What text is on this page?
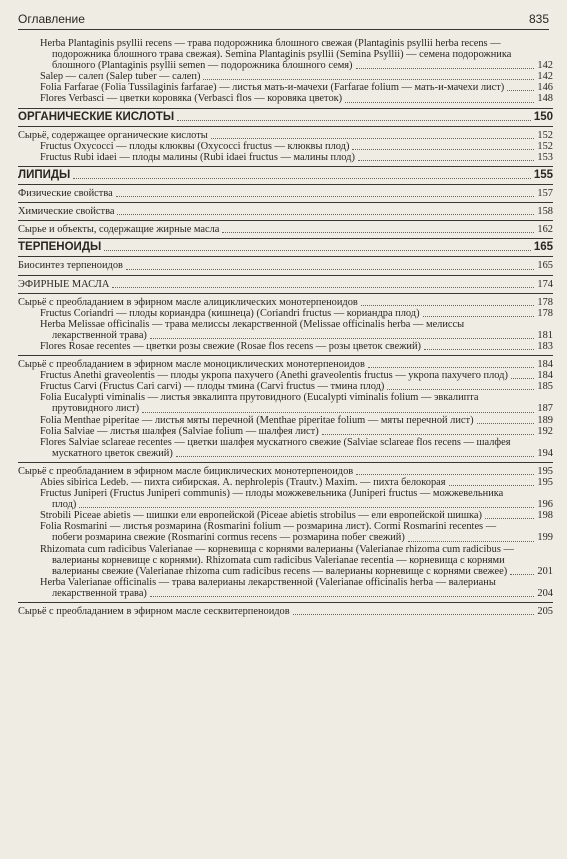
Оглавление	835
Herba Plantaginis psyllii recens — трава подорожника блошного свежая (Plantaginis psyllii herba recens — подорожника блошного трава свежая). Semina Plantaginis psyllii (Semina Psyllii) — семена подорожника блошного (Plantaginis psyllii semen — подорожника блошного семя)	142
Salep — салеп (Salep tuber — салеп)	142
Folia Farfarae (Folia Tussilaginis farfarae) — листья мать-и-мачехи (Farfarae folium — мать-и-мачехи лист)	146
Flores Verbasci — цветки коровяка (Verbasci flos — коровяка цветок)	148
ОРГАНИЧЕСКИЕ КИСЛОТЫ	150
Сырьё, содержащее органические кислоты	152
Fructus Oxycocci — плоды клюквы (Oxycocci fructus — клюквы плод)	152
Fructus Rubi idaei — плоды малины (Rubi idaei fructus — малины плод)	153
ЛИПИДЫ	155
Физические свойства	157
Химические свойства	158
Сырье и объекты, содержащие жирные масла	162
ТЕРПЕНОИДЫ	165
Биосинтез терпеноидов	165
ЭФИРНЫЕ МАСЛА	174
Сырьё с преобладанием в эфирном масле алициклических монотерпеноидов	178
Fructus Coriandri — плоды кориандра (кишнеца) (Coriandri fructus — кориандра плод)	178
Herba Melissae officinalis — трава мелиссы лекарственной (Melissae officinalis herba — мелиссы лекарственной трава)	181
Flores Rosae recentes — цветки розы свежие (Rosae flos recens — розы цветок свежий)	183
Сырьё с преобладанием в эфирном масле моноциклических монотерпеноидов	184
Fructus Anethi graveolentis — плоды укропа пахучего (Anethi graveolentis fructus — укропа пахучего плод)	184
Fructus Carvi (Fructus Cari carvi) — плоды тмина (Carvi fructus — тмина плод)	185
Folia Eucalypti viminalis — листья эвкалипта прутовидного (Eucalypti viminalis folium — эвкалипта прутовидного лист)	187
Folia Menthae piperitae — листья мяты перечной (Menthae piperitae folium — мяты перечной лист)	189
Folia Salviae — листья шалфея (Salviae folium — шалфея лист)	192
Flores Salviae sclareae recentes — цветки шалфея мускатного свежие (Salviae sclareae flos recens — шалфея мускатного цветок свежий)	194
Сырьё с преобладанием в эфирном масле бициклических монотерпеноидов	195
Abies sibirica Ledeb. — пихта сибирская. A. nephrolepis (Trautv.) Maxim. — пихта белокорая	195
Fructus Juniperi (Fructus Juniperi communis) — плоды можжевельника (Juniperi fructus — можжевельника плод)	196
Strobili Piceae abietis — шишки ели европейской (Piceae abietis strobilus — ели европейской шишка)	198
Folia Rosmarini — листья розмарина (Rosmarini folium — розмарина лист). Cormi Rosmarini recentes — побеги розмарина свежие (Rosmarini cormus recens — розмарина побег свежий)	199
Rhizomata cum radicibus Valerianae — корневища с корнями валерианы (Valerianae rhizoma cum radicibus — валерианы корневище с корнями). Rhizomata cum radicibus Valerianae recentia — корневища с корнями валерианы свежие (Valerianae rhizoma cum radicibus recens — валерианы корневище с корнями свежее)	201
Herba Valerianae officinalis — трава валерианы лекарственной (Valerianae officinalis herba — валерианы лекарственной трава)	204
Сырьё с преобладанием в эфирном масле сесквитерпеноидов	205
